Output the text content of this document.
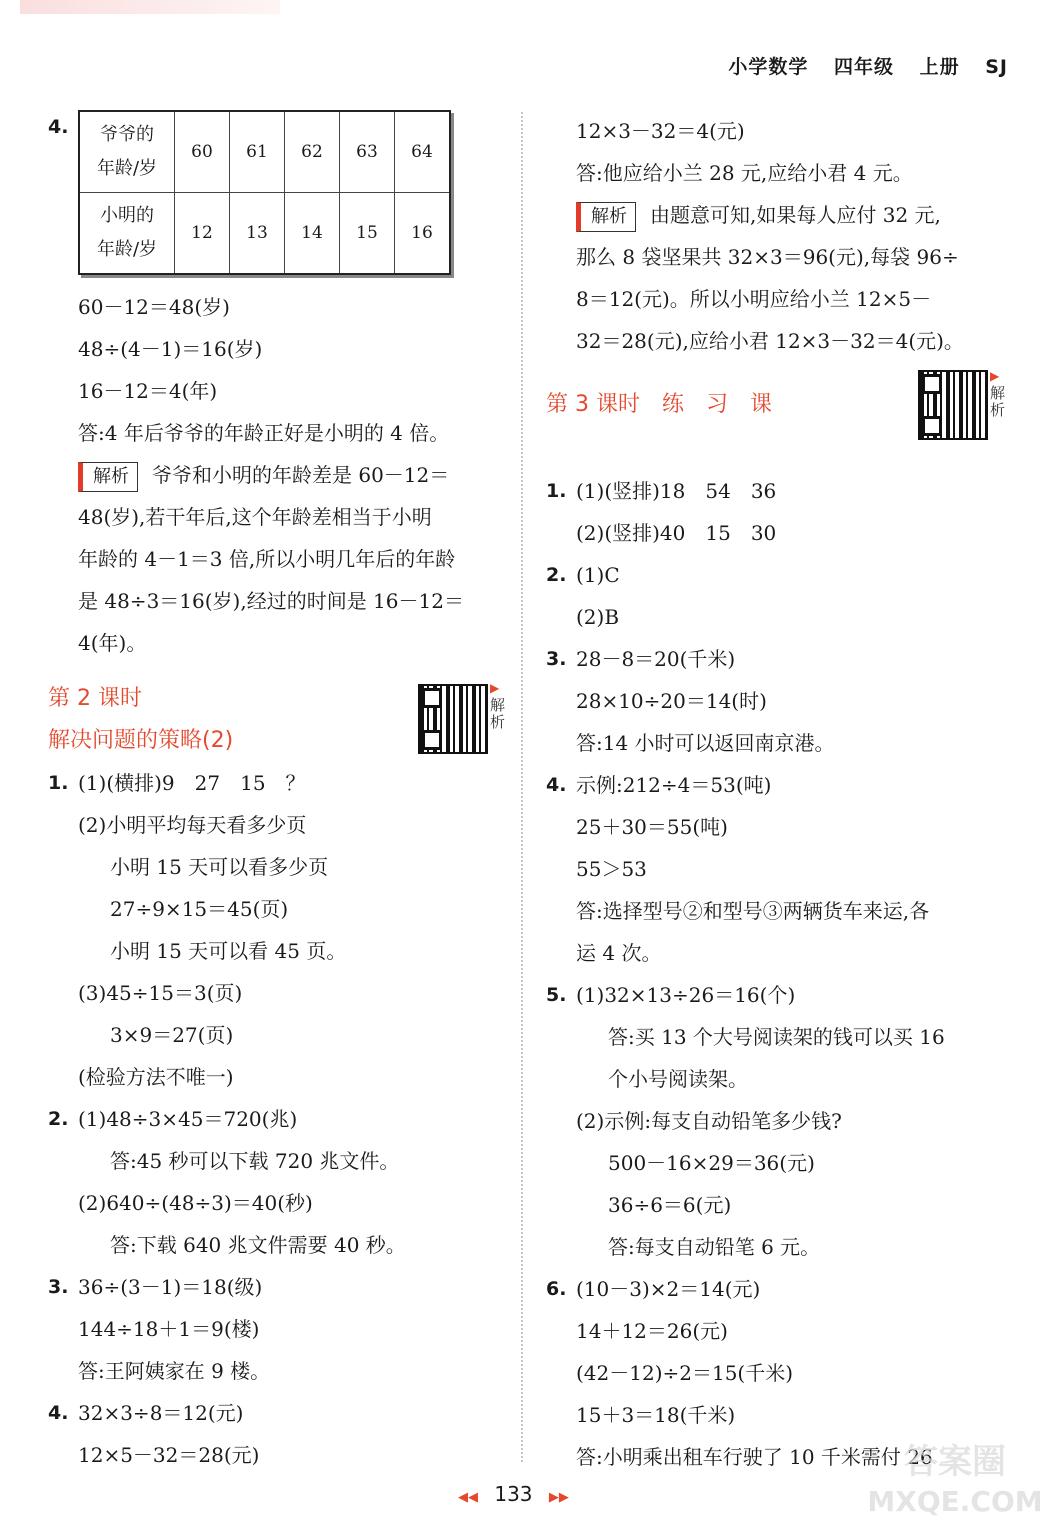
小学数学 四年级 上册 SJ
4.	爷爷的
年龄/岁	60	61	62	63	64

小明的
年龄/岁	12	13	14	15	16
60－12＝48(岁)
48÷(4－1)＝16(岁)
16－12＝4(年)
答:4 年后爷爷的年龄正好是小明的 4 倍。
解析 爷爷和小明的年龄差是 60－12＝
48(岁),若干年后,这个年龄差相当于小明
年龄的 4－1＝3 倍,所以小明几年后的年龄
是 48÷3＝16(岁),经过的时间是 16－12＝
4(年)。
第 2 课时
解决问题的策略(2)
▶
解析
1. (1)(横排)9　27　15　？
(2)小明平均每天看多少页
小明 15 天可以看多少页
27÷9×15＝45(页)
小明 15 天可以看 45 页。
(3)45÷15＝3(页)
3×9＝27(页)
(检验方法不唯一)
2. (1)48÷3×45＝720(兆)
答:45 秒可以下载 720 兆文件。
(2)640÷(48÷3)＝40(秒)
答:下载 640 兆文件需要 40 秒。
3. 36÷(3－1)＝18(级)
144÷18＋1＝9(楼)
答:王阿姨家在 9 楼。
4. 32×3÷8＝12(元)
12×5－32＝28(元)
12×3－32＝4(元)
答:他应给小兰 28 元,应给小君 4 元。
解析 由题意可知,如果每人应付 32 元,
那么 8 袋坚果共 32×3＝96(元),每袋 96÷
8＝12(元)。所以小明应给小兰 12×5－
32＝28(元),应给小君 12×3－32＝4(元)。
第 3 课时　练　习　课
▶
解析
1. (1)(竖排)18　54　36
(2)(竖排)40　15　30
2. (1)C
(2)B
3. 28－8＝20(千米)
28×10÷20＝14(时)
答:14 小时可以返回南京港。
4. 示例:212÷4＝53(吨)
25＋30＝55(吨)
55＞53
答:选择型号②和型号③两辆货车来运,各
运 4 次。
5. (1)32×13÷26＝16(个)
答:买 13 个大号阅读架的钱可以买 16
个小号阅读架。
(2)示例:每支自动铅笔多少钱?
500－16×29＝36(元)
36÷6＝6(元)
答:每支自动铅笔 6 元。
6. (10－3)×2＝14(元)
14＋12＝26(元)
(42－12)÷2＝15(千米)
15＋3＝18(千米)
答:小明乘出租车行驶了 10 千米需付 26
◀◀ 133 ▶▶
答案圈
MXQE.COM
